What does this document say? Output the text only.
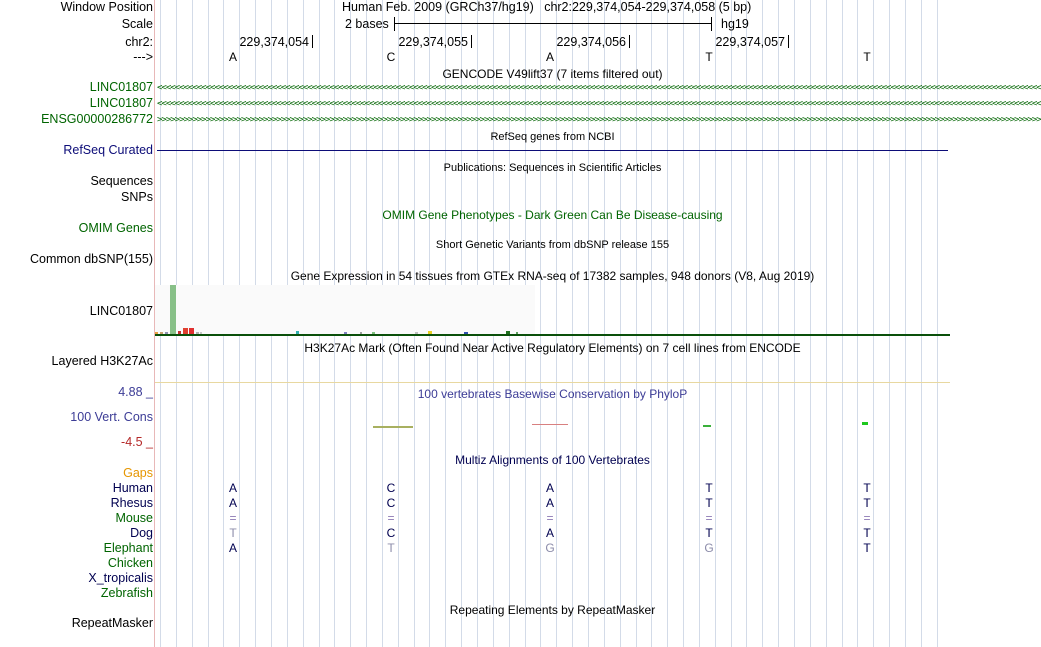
Window Position
Scale
chr2:
--->
Human Feb. 2009 (GRCh37/hg19)   chr2:229,374,054-229,374,058 (5 bp)
2 bases	hg19
229,374,054	229,374,055	229,374,056	229,374,057
A	C	A	T	T
GENCODE V49lift37 (7 items filtered out)
LINC01807
LINC01807
ENSG00000286772
<<<<<<<<<<<<<<<<<<<<<<<<<<<<<<<<<<<<<<<<<<<<<<<<<<<<<<<<<<<<<<<<<<<<<<<<<<<<<<<<<<<<<<<<<<<<<<<<<<<<<<<<<<<<<<<<<<<<<<<<<<<<<<<<<<<<<<<<<<<<<<<<<<<<<<<<<<<<<<<<<<<<<<<<<<<<<<<<<<<<<<<<<<<<<<<<<<<<<<<<
<<<<<<<<<<<<<<<<<<<<<<<<<<<<<<<<<<<<<<<<<<<<<<<<<<<<<<<<<<<<<<<<<<<<<<<<<<<<<<<<<<<<<<<<<<<<<<<<<<<<<<<<<<<<<<<<<<<<<<<<<<<<<<<<<<<<<<<<<<<<<<<<<<<<<<<<<<<<<<<<<<<<<<<<<<<<<<<<<<<<<<<<<<<<<<<<<<<<<<<<
>>>>>>>>>>>>>>>>>>>>>>>>>>>>>>>>>>>>>>>>>>>>>>>>>>>>>>>>>>>>>>>>>>>>>>>>>>>>>>>>>>>>>>>>>>>>>>>>>>>>>>>>>>>>>>>>>>>>>>>>>>>>>>>>>>>>>>>>>>>>>>>>>>>>>>>>>>>>>>>>>>>>>>>>>>>>>>>>>>>>>>>>>>>>>>>>>>>>>>>>
RefSeq genes from NCBI
RefSeq Curated
Publications: Sequences in Scientific Articles
Sequences
SNPs
OMIM Gene Phenotypes - Dark Green Can Be Disease-causing
OMIM Genes
Short Genetic Variants from dbSNP release 155
Common dbSNP(155)
Gene Expression in 54 tissues from GTEx RNA-seq of 17382 samples, 948 donors (V8, Aug 2019)
LINC01807
H3K27Ac Mark (Often Found Near Active Regulatory Elements) on 7 cell lines from ENCODE
Layered H3K27Ac
4.88 _	100 vertebrates Basewise Conservation by PhyloP
100 Vert. Cons
-4.5 _
Multiz Alignments of 100 Vertebrates
Gaps
Human	A	C	A	T	T
Rhesus	A	C	A	T	T
Mouse	=	=	=	=	=
Dog	T	C	A	T	T
Elephant	A	T	G	G	T
Chicken
X_tropicalis
Zebrafish
Repeating Elements by RepeatMasker
RepeatMasker
